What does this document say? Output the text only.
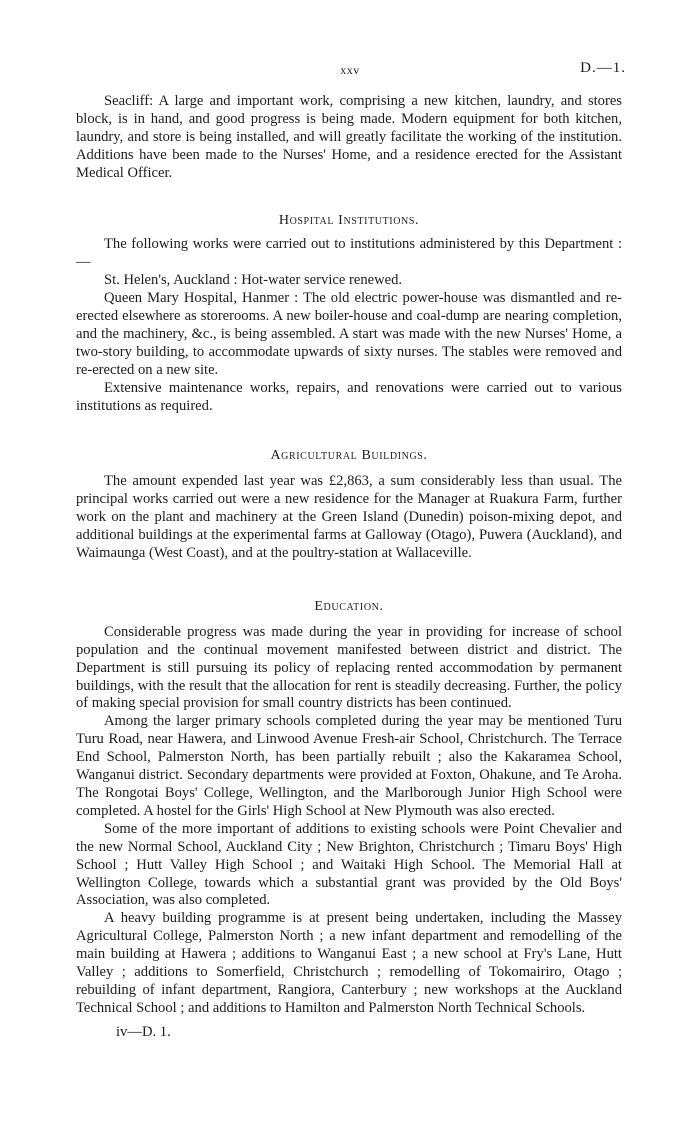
xxv	D.—1.

Seacliff: A large and important work, comprising a new kitchen, laundry, and stores block, is in hand, and good progress is being made. Modern equipment for both kitchen, laundry, and store is being installed, and will greatly facilitate the working of the institution. Additions have been made to the Nurses' Home, and a residence erected for the Assistant Medical Officer.

Hospital Institutions.

The following works were carried out to institutions administered by this Department :—

St. Helen's, Auckland : Hot-water service renewed.

Queen Mary Hospital, Hanmer : The old electric power-house was dismantled and re-erected elsewhere as storerooms. A new boiler-house and coal-dump are nearing completion, and the machinery, &c., is being assembled. A start was made with the new Nurses' Home, a two-story building, to accommodate upwards of sixty nurses. The stables were removed and re-erected on a new site.

Extensive maintenance works, repairs, and renovations were carried out to various institutions as required.

Agricultural Buildings.

The amount expended last year was £2,863, a sum considerably less than usual. The principal works carried out were a new residence for the Manager at Ruakura Farm, further work on the plant and machinery at the Green Island (Dunedin) poison-mixing depot, and additional buildings at the experimental farms at Galloway (Otago), Puwera (Auckland), and Waimaunga (West Coast), and at the poultry-station at Wallaceville.

Education.

Considerable progress was made during the year in providing for increase of school population and the continual movement manifested between district and district. The Department is still pursuing its policy of replacing rented accommodation by permanent buildings, with the result that the allocation for rent is steadily decreasing. Further, the policy of making special provision for small country districts has been continued.

Among the larger primary schools completed during the year may be mentioned Turu Turu Road, near Hawera, and Linwood Avenue Fresh-air School, Christchurch. The Terrace End School, Palmerston North, has been partially rebuilt ; also the Kakaramea School, Wanganui district. Secondary departments were provided at Foxton, Ohakune, and Te Aroha. The Rongotai Boys' College, Wellington, and the Marlborough Junior High School were completed. A hostel for the Girls' High School at New Plymouth was also erected.

Some of the more important of additions to existing schools were Point Chevalier and the new Normal School, Auckland City ; New Brighton, Christchurch ; Timaru Boys' High School ; Hutt Valley High School ; and Waitaki High School. The Memorial Hall at Wellington College, towards which a substantial grant was provided by the Old Boys' Association, was also completed.

A heavy building programme is at present being undertaken, including the Massey Agricultural College, Palmerston North ; a new infant department and remodelling of the main building at Hawera ; additions to Wanganui East ; a new school at Fry's Lane, Hutt Valley ; additions to Somerfield, Christchurch ; remodelling of Tokomairiro, Otago ; rebuilding of infant department, Rangiora, Canterbury ; new workshops at the Auckland Technical School ; and additions to Hamilton and Palmerston North Technical Schools.

iv—D. 1.
